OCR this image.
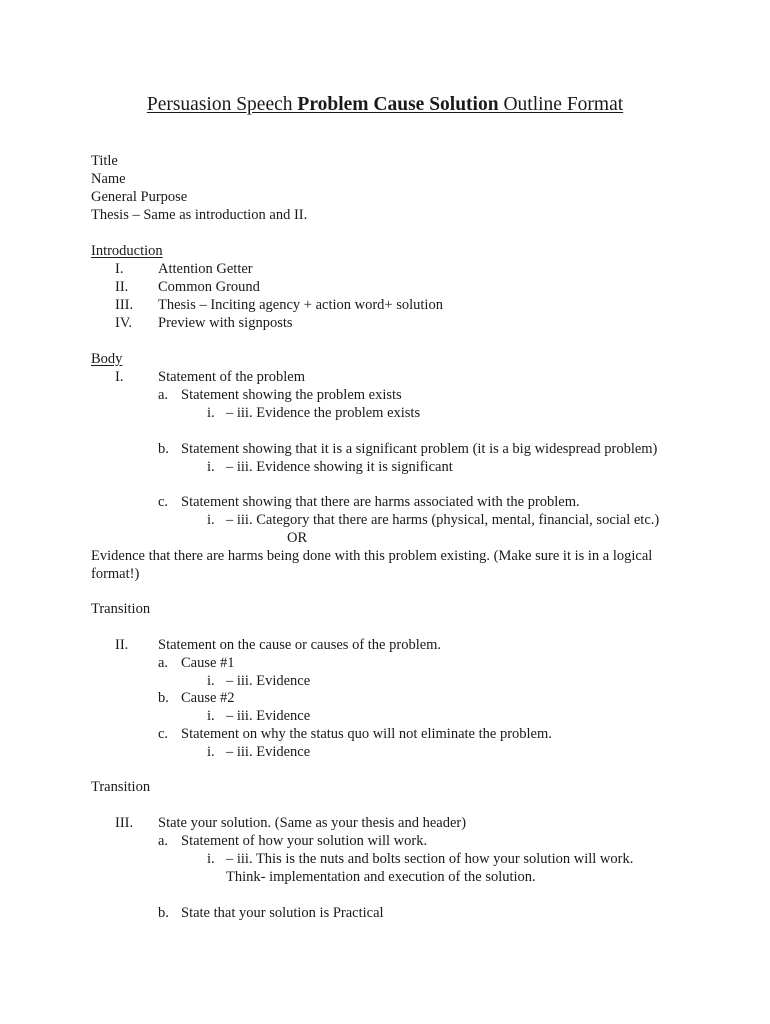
Persuasion Speech Problem Cause Solution Outline Format
Title
Name
General Purpose
Thesis – Same as introduction and II.
Introduction
I. Attention Getter
II. Common Ground
III. Thesis – Inciting agency + action word+ solution
IV. Preview with signposts
Body
I. Statement of the problem
a. Statement showing the problem exists
i. – iii. Evidence the problem exists
b. Statement showing that it is a significant problem (it is a big widespread problem)
i. – iii. Evidence showing it is significant
c. Statement showing that there are harms associated with the problem.
i. – iii. Category that there are harms (physical, mental, financial, social etc.)
OR
Evidence that there are harms being done with this problem existing. (Make sure it is in a logical
format!)
Transition
II. Statement on the cause or causes of the problem.
a. Cause #1
i. – iii. Evidence
b. Cause #2
i. – iii. Evidence
c. Statement on why the status quo will not eliminate the problem.
i. – iii. Evidence
Transition
III. State your solution. (Same as your thesis and header)
a. Statement of how your solution will work.
i. – iii. This is the nuts and bolts section of how your solution will work.
Think- implementation and execution of the solution.
b. State that your solution is Practical
